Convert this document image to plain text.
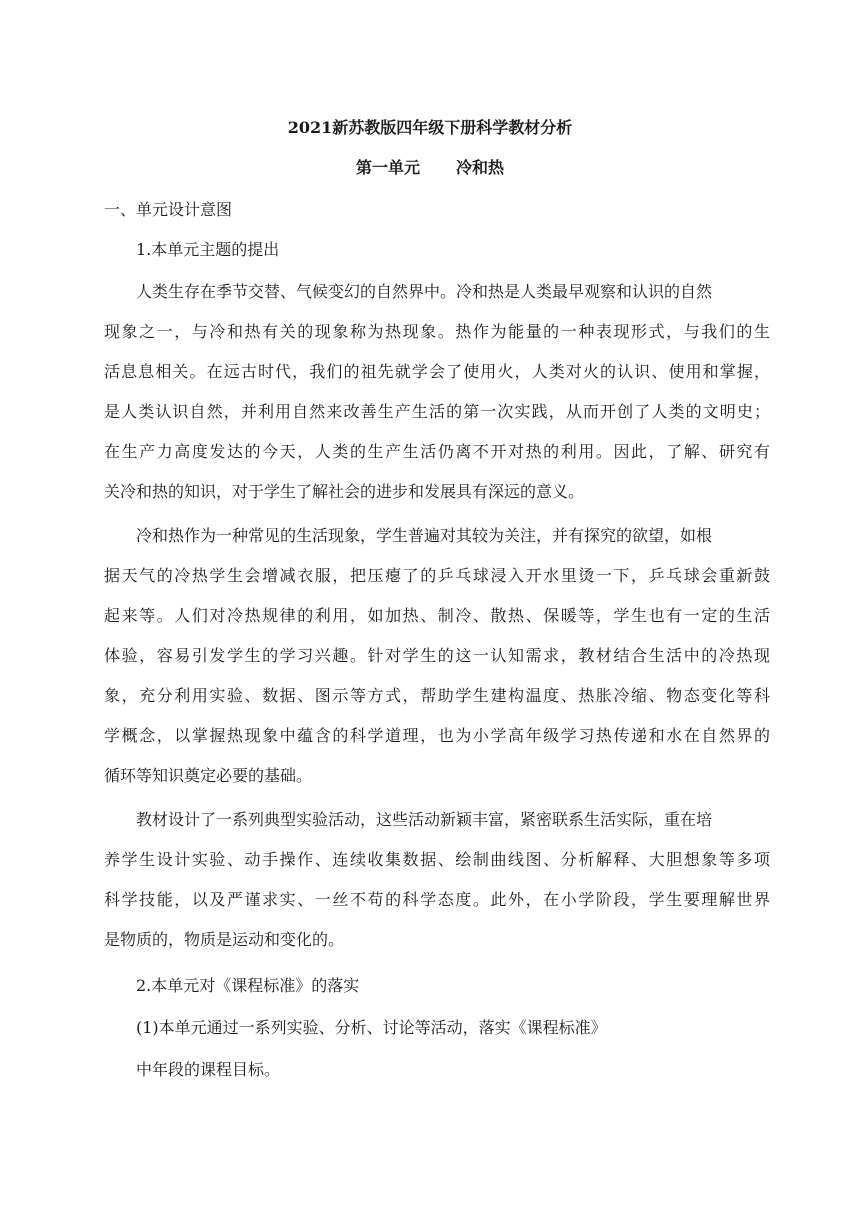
2021新苏教版四年级下册科学教材分析
第一单元 冷和热
一、单元设计意图
1.本单元主题的提出
人类生存在季节交替、气候变幻的自然界中。冷和热是人类最早观察和认识的自然
现象之一，与冷和热有关的现象称为热现象。热作为能量的一种表现形式，与我们的生
活息息相关。在远古时代，我们的祖先就学会了使用火，人类对火的认识、使用和掌握，
是人类认识自然，并利用自然来改善生产生活的第一次实践，从而开创了人类的文明史；
在生产力高度发达的今天，人类的生产生活仍离不开对热的利用。因此，了解、研究有
关冷和热的知识，对于学生了解社会的进步和发展具有深远的意义。
冷和热作为一种常见的生活现象，学生普遍对其较为关注，并有探究的欲望，如根
据天气的冷热学生会增减衣服，把压瘪了的乒乓球浸入开水里烫一下，乒乓球会重新鼓
起来等。人们对冷热规律的利用，如加热、制冷、散热、保暖等，学生也有一定的生活
体验，容易引发学生的学习兴趣。针对学生的这一认知需求，教材结合生活中的冷热现
象，充分利用实验、数据、图示等方式，帮助学生建构温度、热胀冷缩、物态变化等科
学概念，以掌握热现象中蕴含的科学道理，也为小学高年级学习热传递和水在自然界的
循环等知识奠定必要的基础。
教材设计了一系列典型实验活动，这些活动新颖丰富，紧密联系生活实际，重在培
养学生设计实验、动手操作、连续收集数据、绘制曲线图、分析解释、大胆想象等多项
科学技能，以及严谨求实、一丝不苟的科学态度。此外，在小学阶段，学生要理解世界
是物质的，物质是运动和变化的。
2.本单元对《课程标准》的落实
(1)本单元通过一系列实验、分析、讨论等活动，落实《课程标准》
中年段的课程目标。
